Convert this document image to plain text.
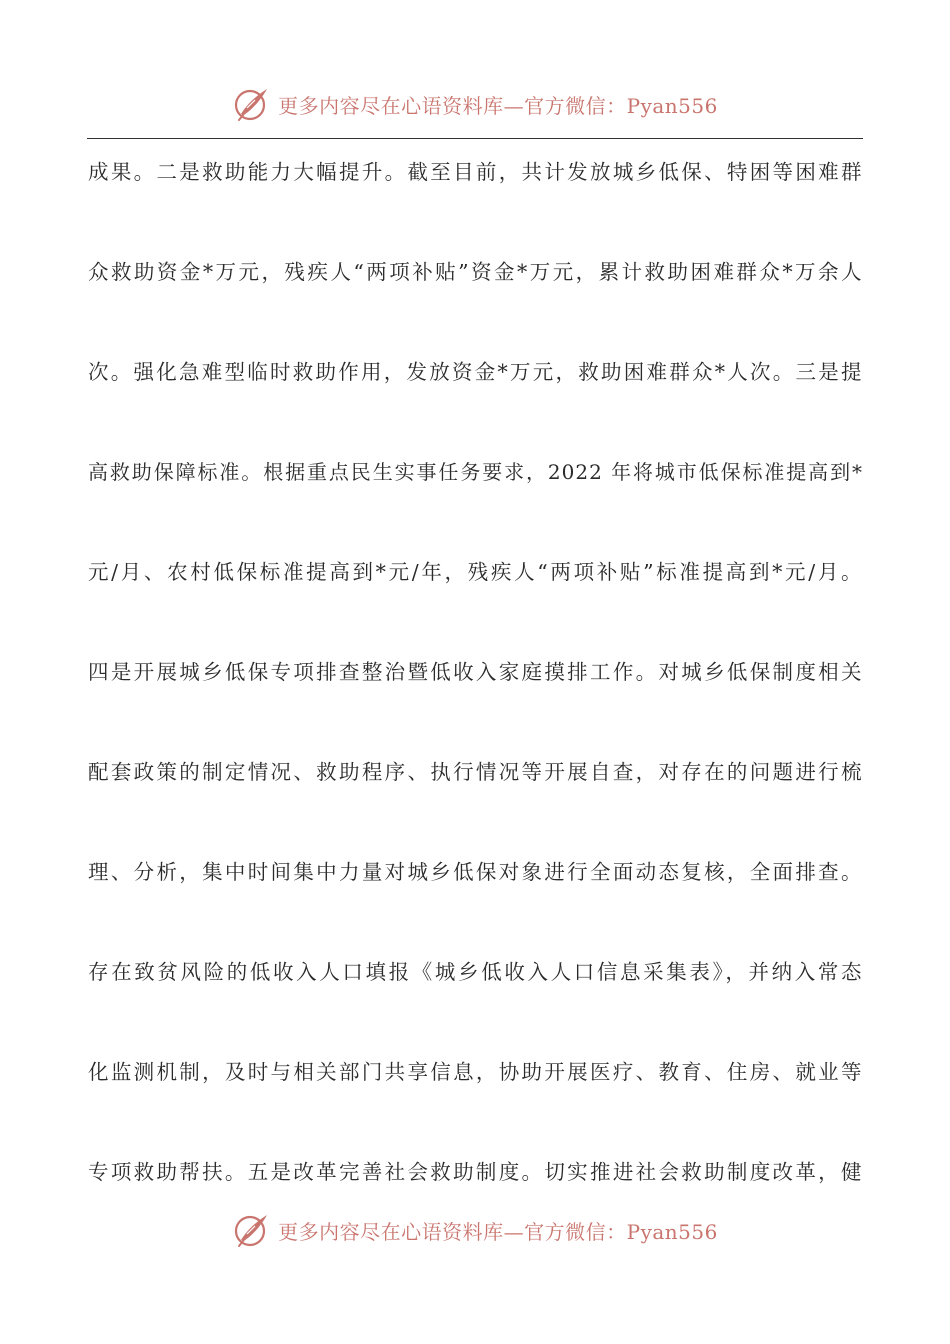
更多内容尽在心语资料库—官方微信：Pyan556
成果。二是救助能力大幅提升。截至目前，共计发放城乡低保、特困等困难群
众救助资金*万元，残疾人“两项补贴”资金*万元，累计救助困难群众*万余人
次。强化急难型临时救助作用，发放资金*万元，救助困难群众*人次。三是提
高救助保障标准。根据重点民生实事任务要求，2022 年将城市低保标准提高到*
元/月、农村低保标准提高到*元/年，残疾人“两项补贴”标准提高到*元/月。
四是开展城乡低保专项排查整治暨低收入家庭摸排工作。对城乡低保制度相关
配套政策的制定情况、救助程序、执行情况等开展自查，对存在的问题进行梳
理、分析，集中时间集中力量对城乡低保对象进行全面动态复核，全面排查。
存在致贫风险的低收入人口填报《城乡低收入人口信息采集表》，并纳入常态
化监测机制，及时与相关部门共享信息，协助开展医疗、教育、住房、就业等
专项救助帮扶。五是改革完善社会救助制度。切实推进社会救助制度改革，健
更多内容尽在心语资料库—官方微信：Pyan556
